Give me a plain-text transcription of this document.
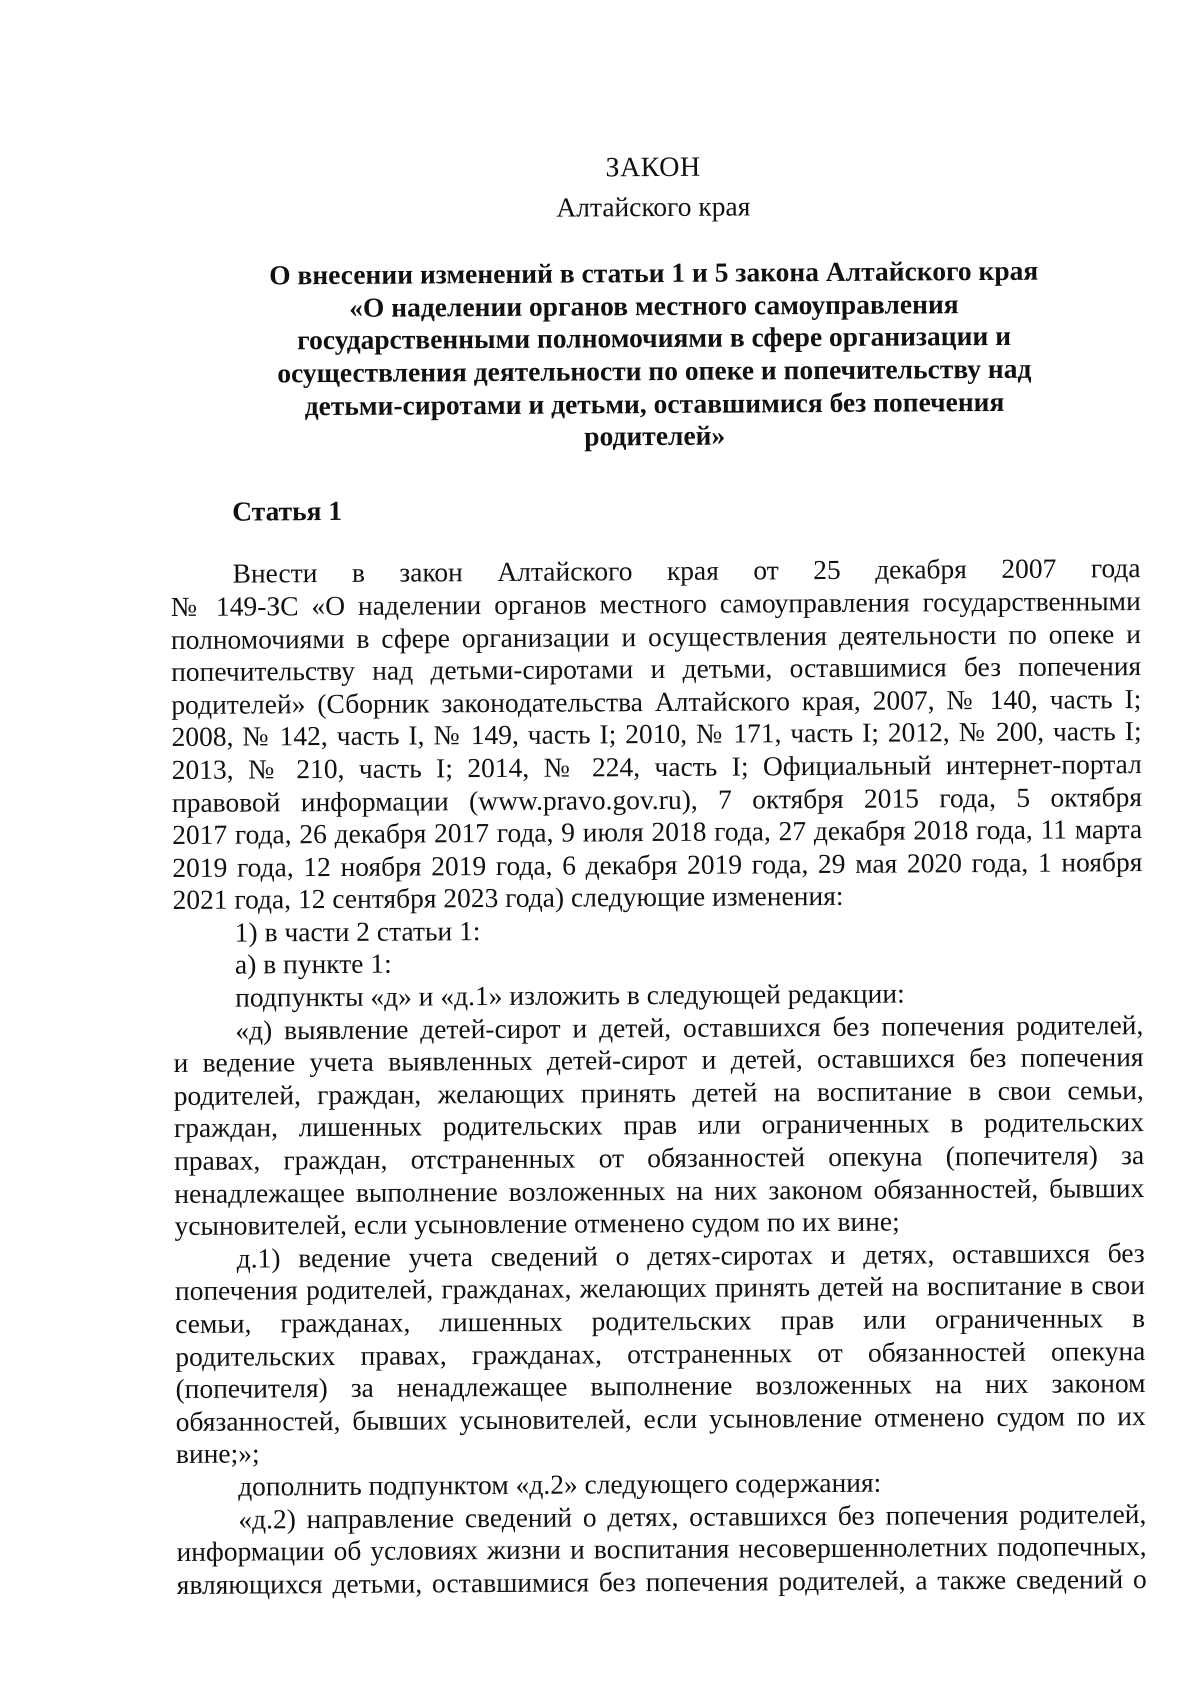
ЗАКОН
Алтайского края
О внесении изменений в статьи 1 и 5 закона Алтайского края
«О наделении органов местного самоуправления
государственными полномочиями в сфере организации и
осуществления деятельности по опеке и попечительству над
детьми-сиротами и детьми, оставшимися без попечения
родителей»
Статья 1
Внести в закон Алтайского края от 25 декабря 2007 года
№ 149-ЗС «О наделении органов местного самоуправления государственными
полномочиями в сфере организации и осуществления деятельности по опеке и
попечительству над детьми-сиротами и детьми, оставшимися без попечения
родителей» (Сборник законодательства Алтайского края, 2007, № 140, часть I;
2008, № 142, часть I, № 149, часть I; 2010, № 171, часть I; 2012, № 200, часть I;
2013, № 210, часть I; 2014, № 224, часть I; Официальный интернет-портал
правовой информации (www.pravo.gov.ru), 7 октября 2015 года, 5 октября
2017 года, 26 декабря 2017 года, 9 июля 2018 года, 27 декабря 2018 года, 11 марта
2019 года, 12 ноября 2019 года, 6 декабря 2019 года, 29 мая 2020 года, 1 ноября
2021 года, 12 сентября 2023 года) следующие изменения:
1) в части 2 статьи 1:
а) в пункте 1:
подпункты «д» и «д.1» изложить в следующей редакции:
«д) выявление детей-сирот и детей, оставшихся без попечения родителей,
и ведение учета выявленных детей-сирот и детей, оставшихся без попечения
родителей, граждан, желающих принять детей на воспитание в свои семьи,
граждан, лишенных родительских прав или ограниченных в родительских
правах, граждан, отстраненных от обязанностей опекуна (попечителя) за
ненадлежащее выполнение возложенных на них законом обязанностей, бывших
усыновителей, если усыновление отменено судом по их вине;
д.1) ведение учета сведений о детях-сиротах и детях, оставшихся без
попечения родителей, гражданах, желающих принять детей на воспитание в свои
семьи, гражданах, лишенных родительских прав или ограниченных в
родительских правах, гражданах, отстраненных от обязанностей опекуна
(попечителя) за ненадлежащее выполнение возложенных на них законом
обязанностей, бывших усыновителей, если усыновление отменено судом по их
вине;»;
дополнить подпунктом «д.2» следующего содержания:
«д.2) направление сведений о детях, оставшихся без попечения родителей,
информации об условиях жизни и воспитания несовершеннолетних подопечных,
являющихся детьми, оставшимися без попечения родителей, а также сведений о
